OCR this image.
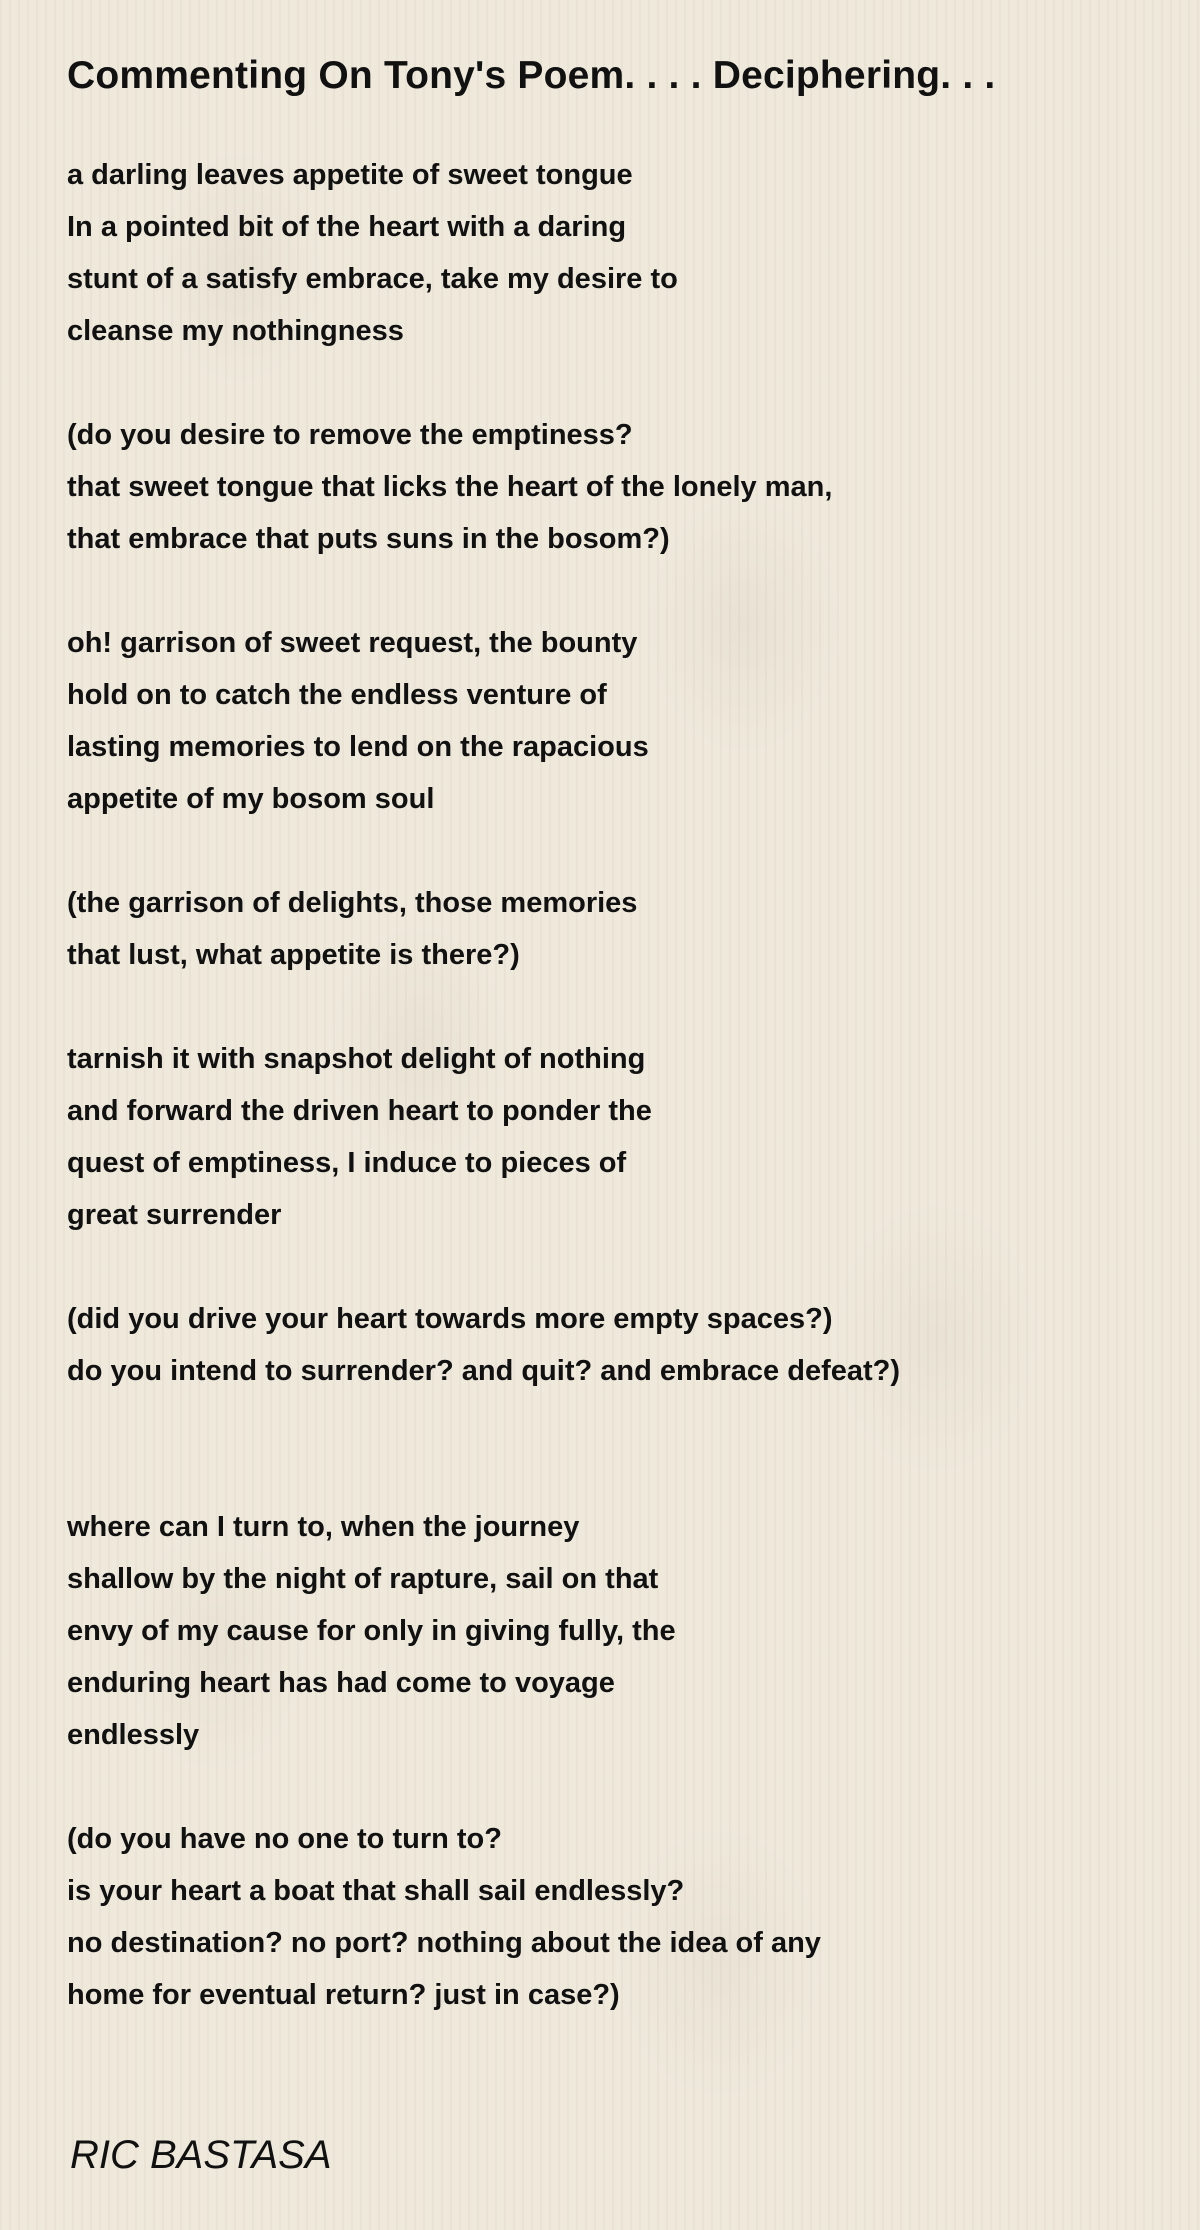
Commenting On Tony's Poem. . . . Deciphering. . .
a darling leaves appetite of sweet tongue
In a pointed bit of the heart with a daring
stunt of a satisfy embrace, take my desire to
cleanse my nothingness
(do you desire to remove the emptiness?
that sweet tongue that licks the heart of the lonely man,
that embrace that puts suns in the bosom?)
oh! garrison of sweet request, the bounty
hold on to catch the endless venture of
lasting memories to lend on the rapacious
appetite of my bosom soul
(the garrison of delights, those memories
that lust, what appetite is there?)
tarnish it with snapshot delight of nothing
and forward the driven heart to ponder the
quest of emptiness, I induce to pieces of
great surrender
(did you drive your heart towards more empty spaces?)
do you intend to surrender? and quit? and embrace defeat?)
where can I turn to, when the journey
shallow by the night of rapture, sail on that
envy of my cause for only in giving fully, the
enduring heart has had come to voyage
endlessly
(do you have no one to turn to?
is your heart a boat that shall sail endlessly?
no destination? no port? nothing about the idea of any
home for eventual return? just in case?)

RIC BASTASA
